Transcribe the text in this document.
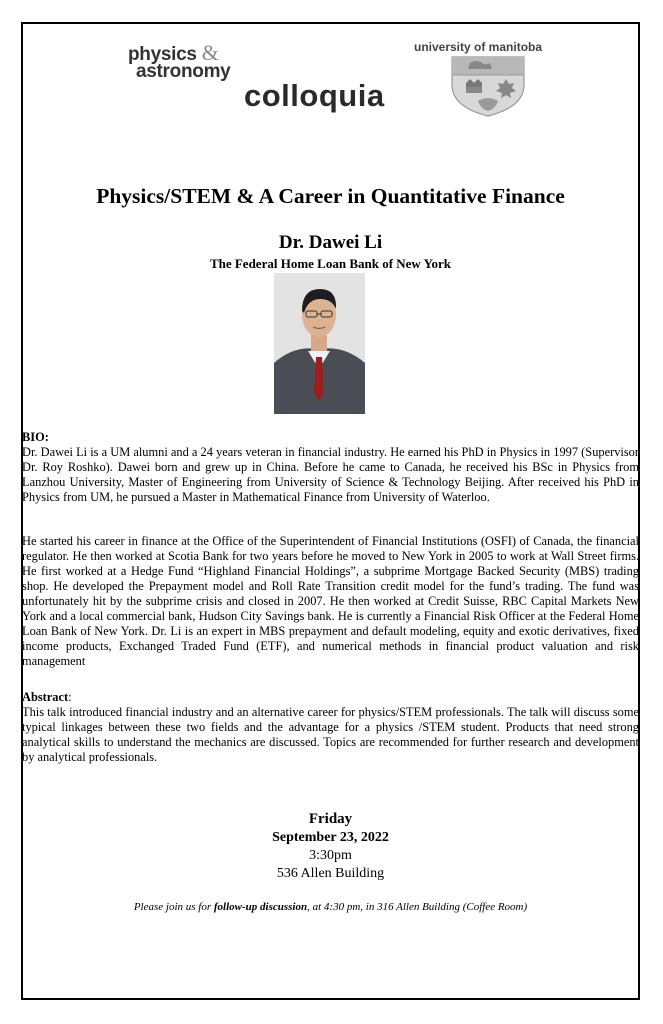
physics &
astronomy
colloquia
university of manitoba
Physics/STEM & A Career in Quantitative Finance
Dr. Dawei Li
The Federal Home Loan Bank of New York
BIO:
Dr. Dawei Li is a UM alumni and a 24 years veteran in financial industry. He earned his PhD in Physics in 1997 (Supervisor Dr. Roy Roshko). Dawei born and grew up in China. Before he came to Canada, he received his BSc in Physics from Lanzhou University, Master of Engineering from University of Science & Technology Beijing. After received his PhD in Physics from UM, he pursued a Master in Mathematical Finance from University of Waterloo.
He started his career in finance at the Office of the Superintendent of Financial Institutions (OSFI) of Canada, the financial regulator. He then worked at Scotia Bank for two years before he moved to New York in 2005 to work at Wall Street firms. He first worked at a Hedge Fund “Highland Financial Holdings”, a subprime Mortgage Backed Security (MBS) trading shop. He developed the Prepayment model and Roll Rate Transition credit model for the fund’s trading. The fund was unfortunately hit by the subprime crisis and closed in 2007. He then worked at Credit Suisse, RBC Capital Markets New York and a local commercial bank, Hudson City Savings bank. He is currently a Financial Risk Officer at the Federal Home Loan Bank of New York. Dr. Li is an expert in MBS prepayment and default modeling, equity and exotic derivatives, fixed income products, Exchanged Traded Fund (ETF), and numerical methods in financial product valuation and risk management
Abstract:
This talk introduced financial industry and an alternative career for physics/STEM professionals. The talk will discuss some typical linkages between these two fields and the advantage for a physics /STEM student. Products that need strong analytical skills to understand the mechanics are discussed. Topics are recommended for further research and development by analytical professionals.
Friday
September 23, 2022
3:30pm
536 Allen Building
Please join us for follow-up discussion, at 4:30 pm, in 316 Allen Building (Coffee Room)
